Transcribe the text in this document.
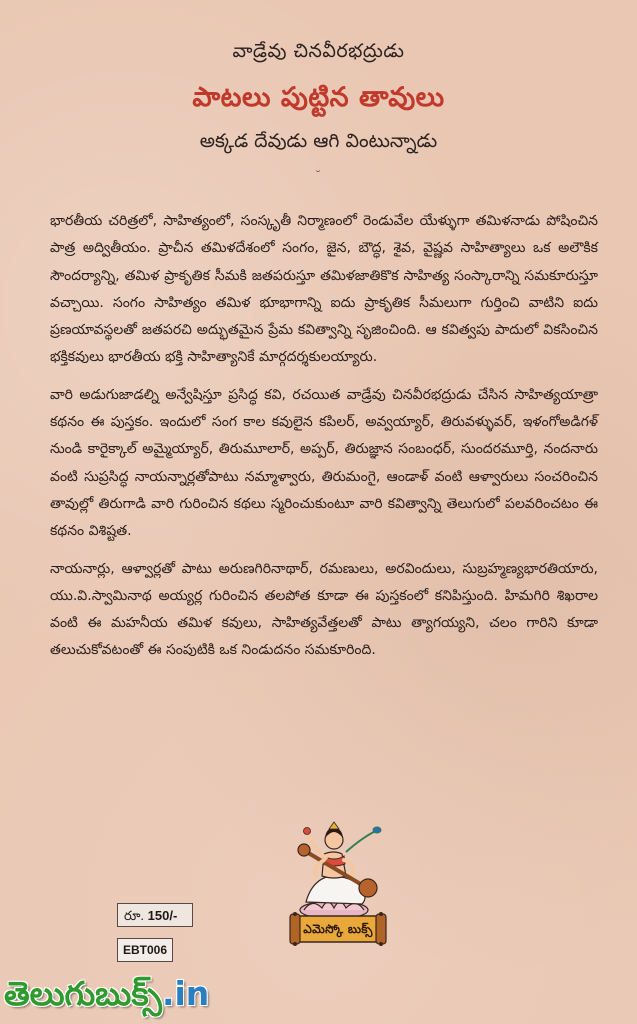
వాడ్రేవు చినవీరభద్రుడు
పాటలు పుట్టిన తావులు
అక్కడ దేవుడు ఆగి వింటున్నాడు
˘

భారతీయ చరిత్రలో, సాహిత్యంలో, సంస్కృతీ నిర్మాణంలో రెండువేల యేళ్ళుగా తమిళనాడు పోషించిన పాత్ర అద్వితీయం. ప్రాచీన తమిళదేశంలో సంగం, జైన, బౌద్ధ, శైవ, వైష్ణవ సాహిత్యాలు ఒక అలౌకిక సౌందర్యాన్ని, తమిళ ప్రాకృతిక సీమకి జతపరుస్తూ తమిళజాతికొక సాహిత్య సంస్కారాన్ని సమకూరుస్తూ వచ్చాయి. సంగం సాహిత్యం తమిళ భూభాగాన్ని ఐదు ప్రాకృతిక సీమలుగా గుర్తించి వాటిని ఐదు ప్రణయావస్థలతో జతపరచి అద్భుతమైన ప్రేమ కవిత్వాన్ని సృజించింది. ఆ కవిత్వపు పాదులో వికసించిన భక్తికవులు భారతీయ భక్తి సాహిత్యానికే మార్గదర్శకులయ్యారు.

వారి అడుగుజాడల్ని అన్వేషిస్తూ ప్రసిద్ధ కవి, రచయిత వాడ్రేవు చినవీరభద్రుడు చేసిన సాహిత్యయాత్రా కథనం ఈ పుస్తకం. ఇందులో సంగ కాల కవులైన కపిలర్, అవ్వయ్యార్, తిరువళ్ళువర్, ఇళంగోఅడిగళ్ నుండి కారైక్కాల్ అమ్మైయ్యార్, తిరుమూలార్, అప్పర్, తిరుజ్ఞాన సంబంధర్, సుందరమూర్తి, నందనారు వంటి సుప్రసిద్ధ నాయన్నార్లతోపాటు నమ్మాళ్వారు, తిరుమంగై, ఆండాళ్ వంటి ఆళ్వారులు సంచరించిన తావుల్లో తిరుగాడి వారి గురించిన కథలు స్మరించుకుంటూ వారి కవిత్వాన్ని తెలుగులో పలవరించటం ఈ కథనం విశిష్టత.

నాయనార్లు, ఆళ్వార్లతో పాటు అరుణగిరినాథార్, రమణులు, అరవిందులు, సుబ్రహ్మణ్యభారతియారు, యు.వి.స్వామినాథ అయ్యర్ల గురించిన తలపోత కూడా ఈ పుస్తకంలో కనిపిస్తుంది. హిమగిరి శిఖరాల వంటి ఈ మహనీయ తమిళ కవులు, సాహిత్యవేత్తలతో పాటు త్యాగయ్యని, చలం గారిని కూడా తలుచుకోవటంతో ఈ సంపుటికి ఒక నిండుదనం సమకూరింది.

రూ. 150/-
EBT006
ఎమెస్కో బుక్స్
తెలుగుబుక్స్.in
